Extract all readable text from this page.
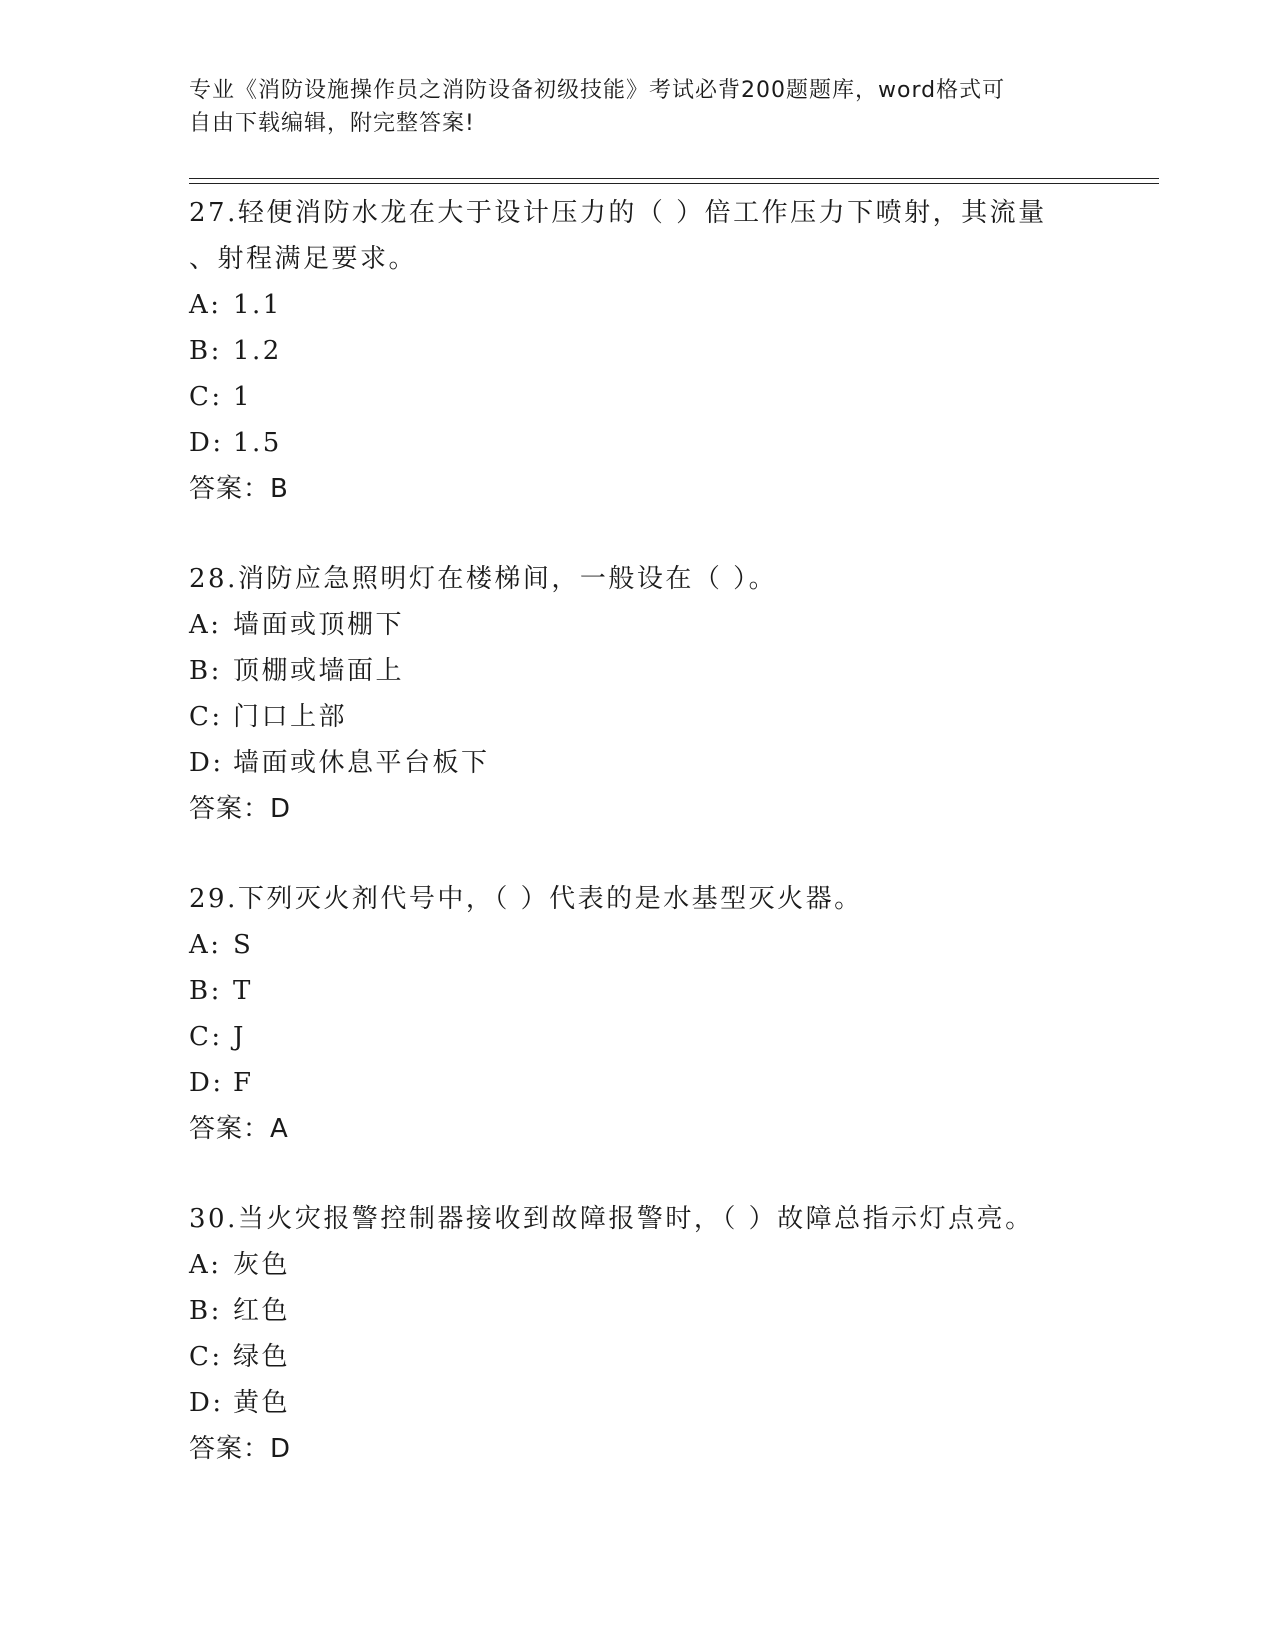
专业《消防设施操作员之消防设备初级技能》考试必背200题题库，word格式可
自由下载编辑，附完整答案!
27.轻便消防水龙在大于设计压力的（ ）倍工作压力下喷射，其流量
、射程满足要求。
A: 1.1
B: 1.2
C: 1
D: 1.5
答案：B
28.消防应急照明灯在楼梯间，一般设在（ ）。
A: 墙面或顶棚下
B: 顶棚或墙面上
C: 门口上部
D: 墙面或休息平台板下
答案：D
29.下列灭火剂代号中，（ ）代表的是水基型灭火器。
A: S
B: T
C: J
D: F
答案：A
30.当火灾报警控制器接收到故障报警时，（ ）故障总指示灯点亮。
A: 灰色
B: 红色
C: 绿色
D: 黄色
答案：D
